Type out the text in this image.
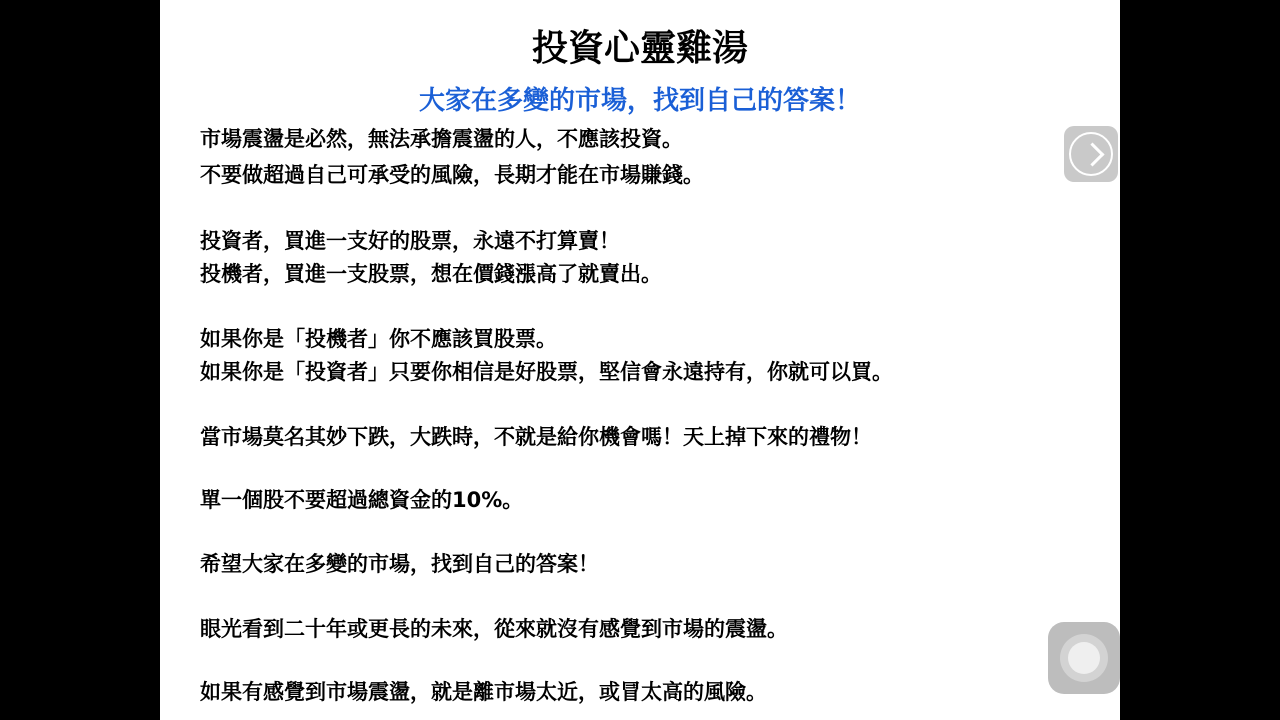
投資心靈雞湯
大家在多變的市場，找到自己的答案！
市場震盪是必然，無法承擔震盪的人，不應該投資。
不要做超過自己可承受的風險，長期才能在市場賺錢。
投資者，買進一支好的股票，永遠不打算賣！
投機者，買進一支股票，想在價錢漲高了就賣出。
如果你是「投機者」你不應該買股票。
如果你是「投資者」只要你相信是好股票，堅信會永遠持有，你就可以買。
當市場莫名其妙下跌，大跌時，不就是給你機會嗎！天上掉下來的禮物！
單一個股不要超過總資金的10%。
希望大家在多變的市場，找到自己的答案！
眼光看到二十年或更長的未來，從來就沒有感覺到市場的震盪。
如果有感覺到市場震盪，就是離市場太近，或冒太高的風險。
